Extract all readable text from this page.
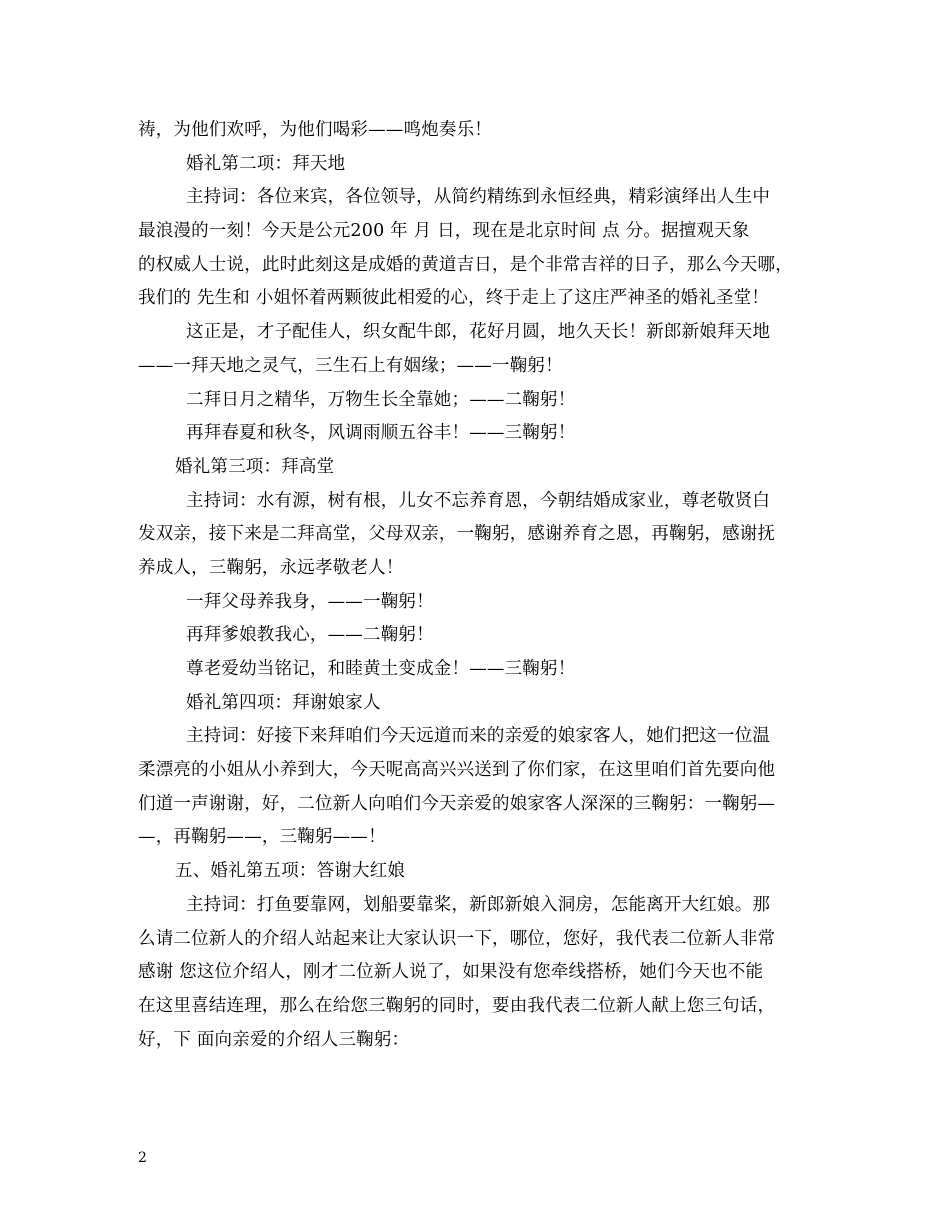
祷，为他们欢呼，为他们喝彩——鸣炮奏乐！
婚礼第二项：拜天地
主持词：各位来宾，各位领导，从简约精练到永恒经典，精彩演绎出人生中
最浪漫的一刻！今天是公元200 年 月 日，现在是北京时间 点 分。据擅观天象
的权威人士说，此时此刻这是成婚的黄道吉日，是个非常吉祥的日子，那么今天哪，
我们的 先生和 小姐怀着两颗彼此相爱的心，终于走上了这庄严神圣的婚礼圣堂！
这正是，才子配佳人，织女配牛郎，花好月圆，地久天长！新郎新娘拜天地
——一拜天地之灵气，三生石上有姻缘；——一鞠躬！
二拜日月之精华，万物生长全靠她；——二鞠躬！
再拜春夏和秋冬，风调雨顺五谷丰！——三鞠躬！
婚礼第三项：拜高堂
主持词：水有源，树有根，儿女不忘养育恩，今朝结婚成家业，尊老敬贤白
发双亲，接下来是二拜高堂，父母双亲，一鞠躬，感谢养育之恩，再鞠躬，感谢抚
养成人，三鞠躬，永远孝敬老人！
一拜父母养我身，——一鞠躬！
再拜爹娘教我心，——二鞠躬！
尊老爱幼当铭记，和睦黄土变成金！——三鞠躬！
婚礼第四项：拜谢娘家人
主持词：好接下来拜咱们今天远道而来的亲爱的娘家客人，她们把这一位温
柔漂亮的小姐从小养到大，今天呢高高兴兴送到了你们家，在这里咱们首先要向他
们道一声谢谢，好，二位新人向咱们今天亲爱的娘家客人深深的三鞠躬：一鞠躬—
—，再鞠躬——，三鞠躬——！
五、婚礼第五项：答谢大红娘
主持词：打鱼要靠网，划船要靠桨，新郎新娘入洞房，怎能离开大红娘。那
么请二位新人的介绍人站起来让大家认识一下，哪位，您好，我代表二位新人非常
感谢 您这位介绍人，刚才二位新人说了，如果没有您牵线搭桥，她们今天也不能
在这里喜结连理，那么在给您三鞠躬的同时，要由我代表二位新人献上您三句话，
好，下 面向亲爱的介绍人三鞠躬：
2
